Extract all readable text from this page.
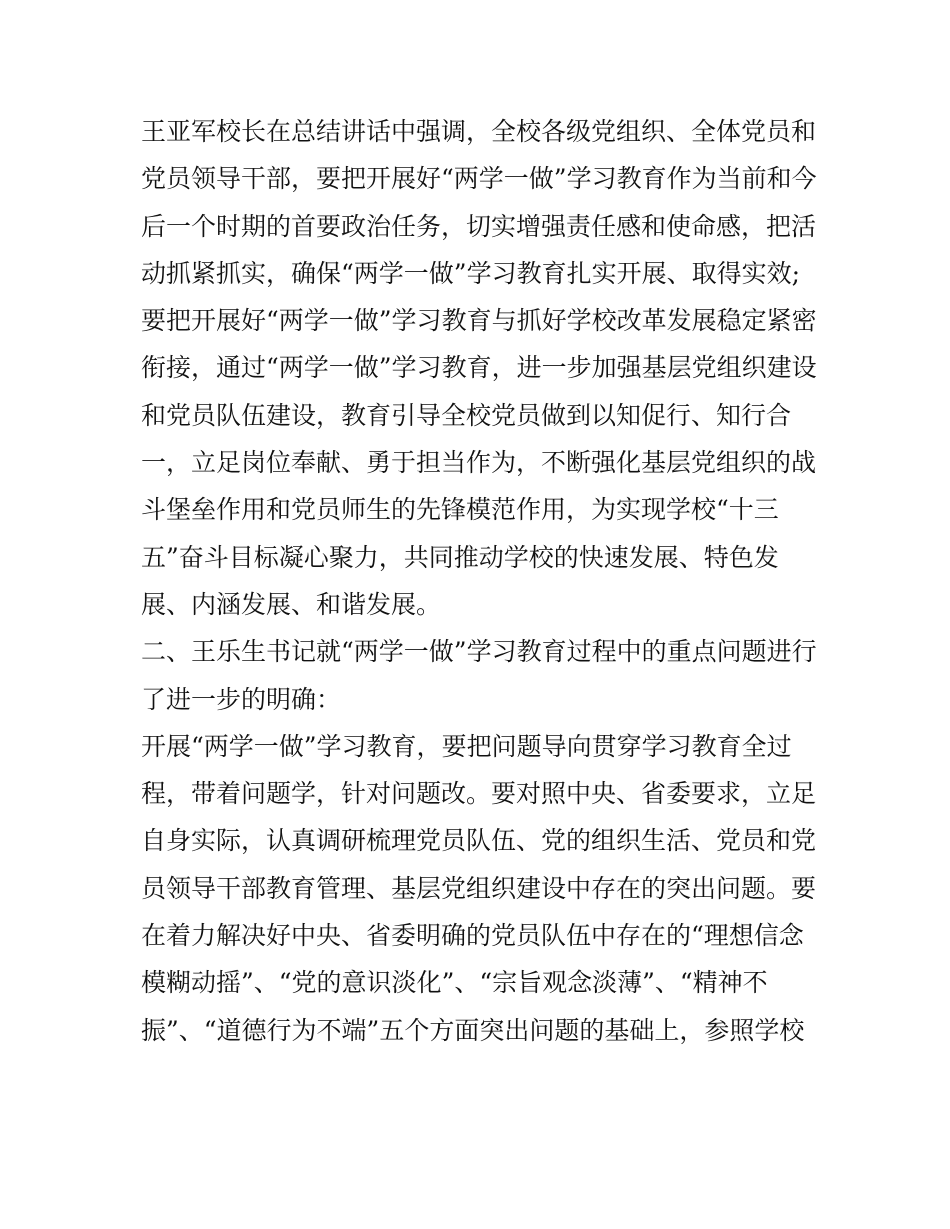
王亚军校长在总结讲话中强调，全校各级党组织、全体党员和
党员领导干部，要把开展好“两学一做”学习教育作为当前和今
后一个时期的首要政治任务，切实增强责任感和使命感，把活
动抓紧抓实，确保“两学一做”学习教育扎实开展、取得实效;
要把开展好“两学一做”学习教育与抓好学校改革发展稳定紧密
衔接，通过“两学一做”学习教育，进一步加强基层党组织建设
和党员队伍建设，教育引导全校党员做到以知促行、知行合
一，立足岗位奉献、勇于担当作为，不断强化基层党组织的战
斗堡垒作用和党员师生的先锋模范作用，为实现学校“十三
五”奋斗目标凝心聚力，共同推动学校的快速发展、特色发
展、内涵发展、和谐发展。
二、王乐生书记就“两学一做”学习教育过程中的重点问题进行
了进一步的明确：
开展“两学一做”学习教育，要把问题导向贯穿学习教育全过
程，带着问题学，针对问题改。要对照中央、省委要求，立足
自身实际，认真调研梳理党员队伍、党的组织生活、党员和党
员领导干部教育管理、基层党组织建设中存在的突出问题。要
在着力解决好中央、省委明确的党员队伍中存在的“理想信念
模糊动摇”、“党的意识淡化”、“宗旨观念淡薄”、“精神不
振”、“道德行为不端”五个方面突出问题的基础上，参照学校
